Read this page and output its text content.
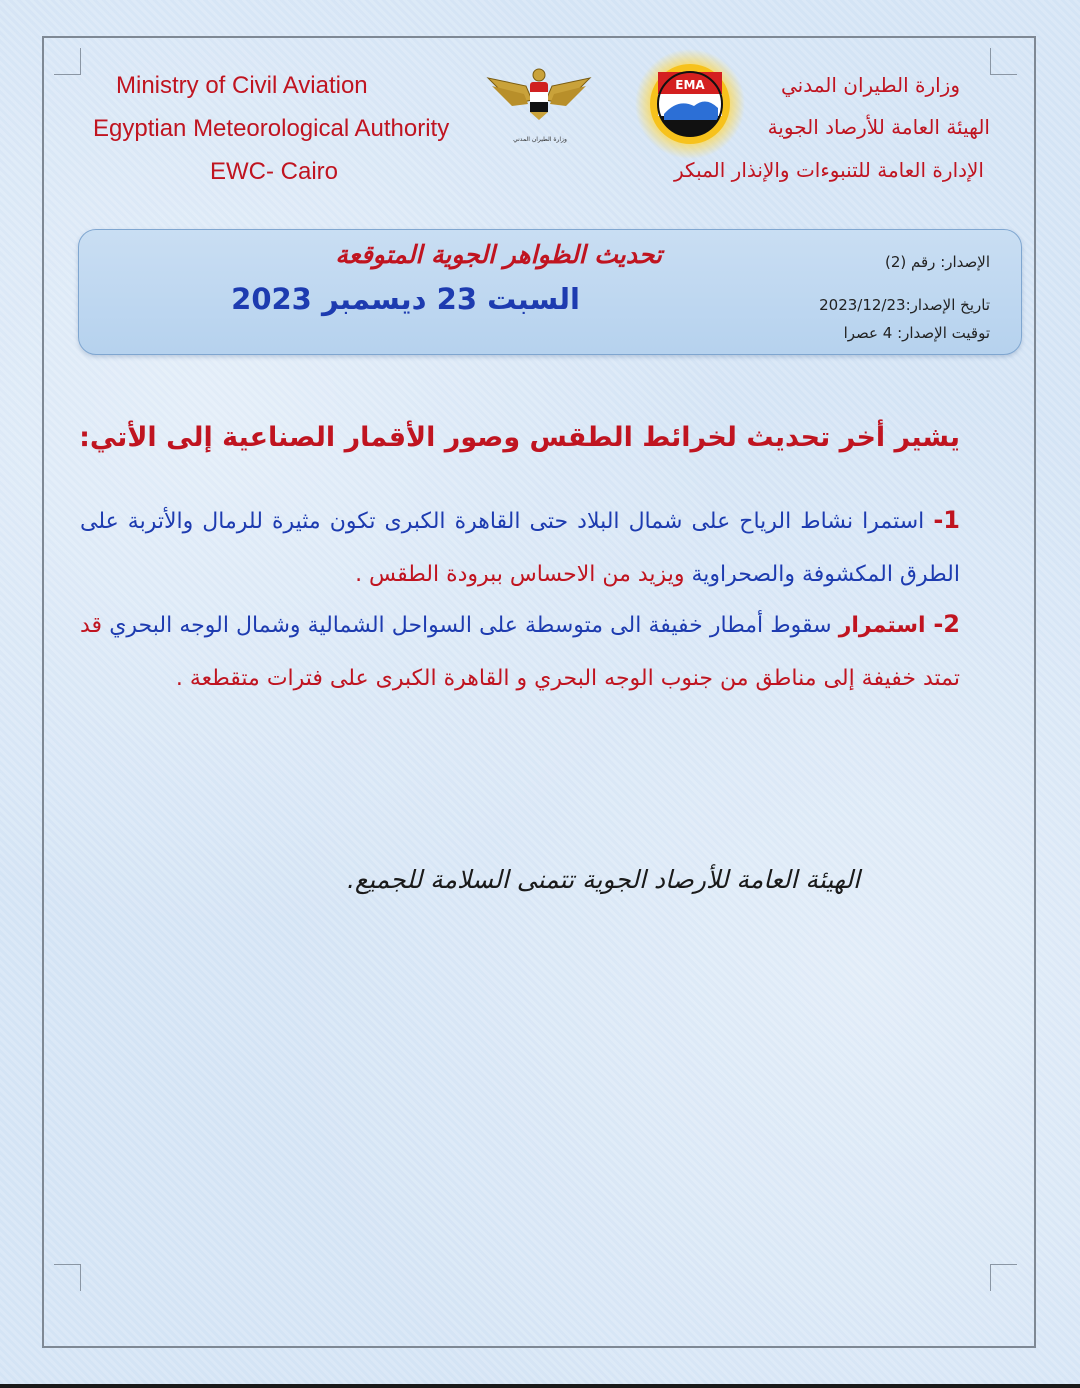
Ministry of Civil Aviation
Egyptian Meteorological Authority
EWC- Cairo
وزارة الطيران المدني
EMA	وزارة الطيران المدني
الهيئة العامة للأرصاد الجوية
الإدارة العامة للتنبوءات والإنذار المبكر
تحديث الظواهر الجوية المتوقعة
السبت 23 ديسمبر 2023
الإصدار: رقم (2)
تاريخ الإصدار:2023/12/23
توقيت الإصدار: 4 عصرا
يشير أخر تحديث لخرائط الطقس وصور الأقمار الصناعية إلى الأتي:
1- استمرا نشاط الرياح على شمال البلاد حتى القاهرة الكبرى تكون مثيرة للرمال والأتربة على الطرق المكشوفة والصحراوية ويزيد من الاحساس ببرودة الطقس .
2- استمرار سقوط أمطار خفيفة الى متوسطة على السواحل الشمالية وشمال الوجه البحري قد تمتد خفيفة إلى مناطق من جنوب الوجه البحري و القاهرة الكبرى على فترات متقطعة .
الهيئة العامة للأرصاد الجوية تتمنى السلامة للجميع.
